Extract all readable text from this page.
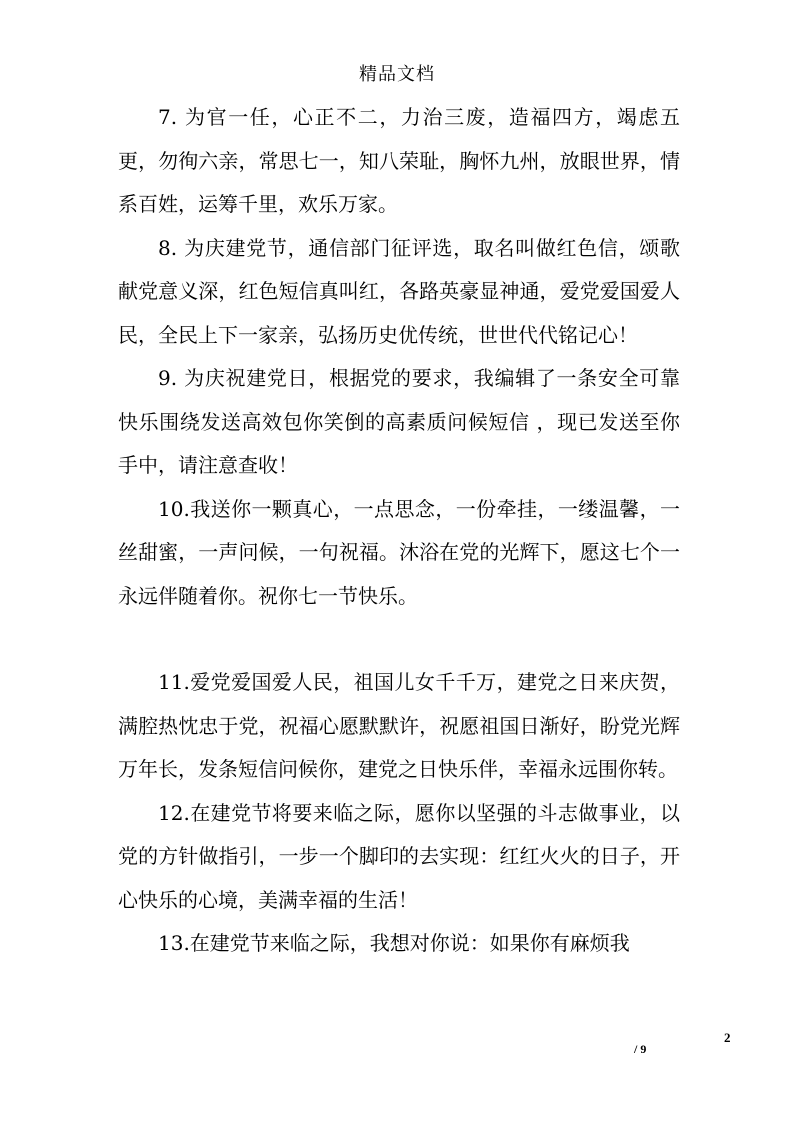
精品文档

7. 为官一任，心正不二，力治三废，造福四方，竭虑五更，勿徇六亲，常思七一，知八荣耻，胸怀九州，放眼世界，情系百姓，运筹千里，欢乐万家。

8. 为庆建党节，通信部门征评选，取名叫做红色信，颂歌献党意义深，红色短信真叫红，各路英豪显神通，爱党爱国爱人民，全民上下一家亲，弘扬历史优传统，世世代代铭记心！

9. 为庆祝建党日，根据党的要求，我编辑了一条安全可靠快乐围绕发送高效包你笑倒的高素质问候短信 ，现已发送至你手中，请注意查收！

10.我送你一颗真心，一点思念，一份牵挂，一缕温馨，一丝甜蜜，一声问候，一句祝福。沐浴在党的光辉下，愿这七个一永远伴随着你。祝你七一节快乐。

11.爱党爱国爱人民，祖国儿女千千万，建党之日来庆贺，满腔热忱忠于党，祝福心愿默默许，祝愿祖国日渐好，盼党光辉万年长，发条短信问候你，建党之日快乐伴，幸福永远围你转。

12.在建党节将要来临之际，愿你以坚强的斗志做事业，以党的方针做指引，一步一个脚印的去实现：红红火火的日子，开心快乐的心境，美满幸福的生活！

13.在建党节来临之际，我想对你说：如果你有麻烦我

2
/ 9
